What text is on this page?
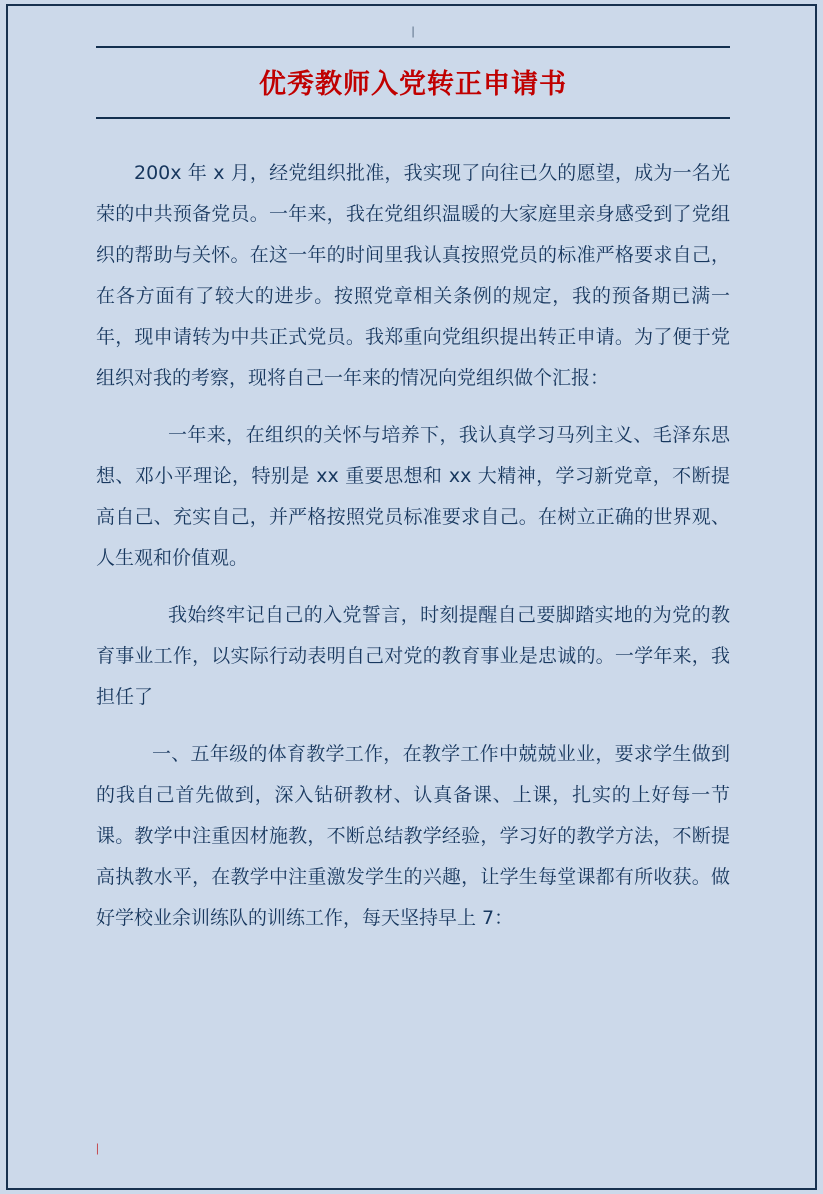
|
优秀教师入党转正申请书

200x 年 x 月，经党组织批准，我实现了向往已久的愿望，成为一名光荣的中共预备党员。一年来，我在党组织温暖的大家庭里亲身感受到了党组织的帮助与关怀。在这一年的时间里我认真按照党员的标准严格要求自己，在各方面有了较大的进步。按照党章相关条例的规定，我的预备期已满一年，现申请转为中共正式党员。我郑重向党组织提出转正申请。为了便于党组织对我的考察，现将自己一年来的情况向党组织做个汇报：

一年来，在组织的关怀与培养下，我认真学习马列主义、毛泽东思想、邓小平理论，特别是 xx 重要思想和 xx 大精神，学习新党章，不断提高自己、充实自己，并严格按照党员标准要求自己。在树立正确的世界观、人生观和价值观。

我始终牢记自己的入党誓言，时刻提醒自己要脚踏实地的为党的教育事业工作，以实际行动表明自己对党的教育事业是忠诚的。一学年来，我担任了

一、五年级的体育教学工作，在教学工作中兢兢业业，要求学生做到的我自己首先做到，深入钻研教材、认真备课、上课，扎实的上好每一节课。教学中注重因材施教，不断总结教学经验，学习好的教学方法，不断提高执教水平，在教学中注重激发学生的兴趣，让学生每堂课都有所收获。做好学校业余训练队的训练工作，每天坚持早上 7：

|
